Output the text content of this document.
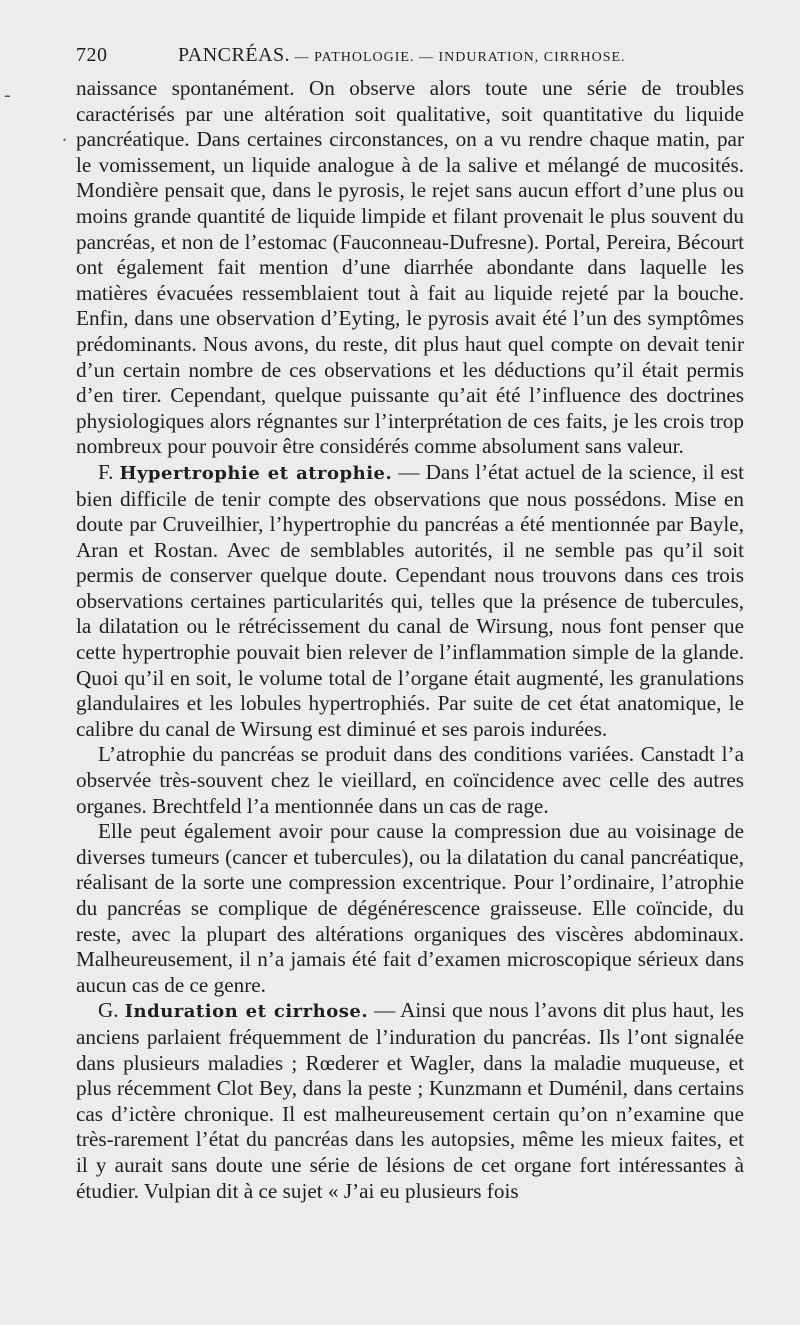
-
.
720	PANCRÉAS. — PATHOLOGIE. — INDURATION, CIRRHOSE.

naissance spontanément. On observe alors toute une série de troubles caractérisés par une altération soit qualitative, soit quantitative du liquide pancréatique. Dans certaines circonstances, on a vu rendre chaque matin, par le vomissement, un liquide analogue à de la salive et mélangé de mucosités. Mondière pensait que, dans le pyrosis, le rejet sans aucun effort d’une plus ou moins grande quantité de liquide limpide et filant provenait le plus souvent du pancréas, et non de l’estomac (Fauconneau-Dufresne). Portal, Pereira, Bécourt ont également fait mention d’une diarrhée abondante dans laquelle les matières évacuées ressemblaient tout à fait au liquide rejeté par la bouche. Enfin, dans une observation d’Eyting, le pyrosis avait été l’un des symptômes prédominants. Nous avons, du reste, dit plus haut quel compte on devait tenir d’un certain nombre de ces observations et les déductions qu’il était permis d’en tirer. Cependant, quelque puissante qu’ait été l’influence des doctrines physiologiques alors régnantes sur l’interprétation de ces faits, je les crois trop nombreux pour pouvoir être considérés comme absolument sans valeur.

F. Hypertrophie et atrophie. — Dans l’état actuel de la science, il est bien difficile de tenir compte des observations que nous possédons. Mise en doute par Cruveilhier, l’hypertrophie du pancréas a été mentionnée par Bayle, Aran et Rostan. Avec de semblables autorités, il ne semble pas qu’il soit permis de conserver quelque doute. Cependant nous trouvons dans ces trois observations certaines particularités qui, telles que la présence de tubercules, la dilatation ou le rétrécissement du canal de Wirsung, nous font penser que cette hypertrophie pouvait bien relever de l’inflammation simple de la glande. Quoi qu’il en soit, le volume total de l’organe était augmenté, les granulations glandulaires et les lobules hypertrophiés. Par suite de cet état anatomique, le calibre du canal de Wirsung est diminué et ses parois indurées.

L’atrophie du pancréas se produit dans des conditions variées. Canstadt l’a observée très-souvent chez le vieillard, en coïncidence avec celle des autres organes. Brechtfeld l’a mentionnée dans un cas de rage.

Elle peut également avoir pour cause la compression due au voisinage de diverses tumeurs (cancer et tubercules), ou la dilatation du canal pancréatique, réalisant de la sorte une compression excentrique. Pour l’ordinaire, l’atrophie du pancréas se complique de dégénérescence graisseuse. Elle coïncide, du reste, avec la plupart des altérations organiques des viscères abdominaux. Malheureusement, il n’a jamais été fait d’examen microscopique sérieux dans aucun cas de ce genre.

G. Induration et cirrhose. — Ainsi que nous l’avons dit plus haut, les anciens parlaient fréquemment de l’induration du pancréas. Ils l’ont signalée dans plusieurs maladies ; Rœderer et Wagler, dans la maladie muqueuse, et plus récemment Clot Bey, dans la peste ; Kunzmann et Duménil, dans certains cas d’ictère chronique. Il est malheureusement certain qu’on n’examine que très-rarement l’état du pancréas dans les autopsies, même les mieux faites, et il y aurait sans doute une série de lésions de cet organe fort intéressantes à étudier. Vulpian dit à ce sujet « J’ai eu plusieurs fois
